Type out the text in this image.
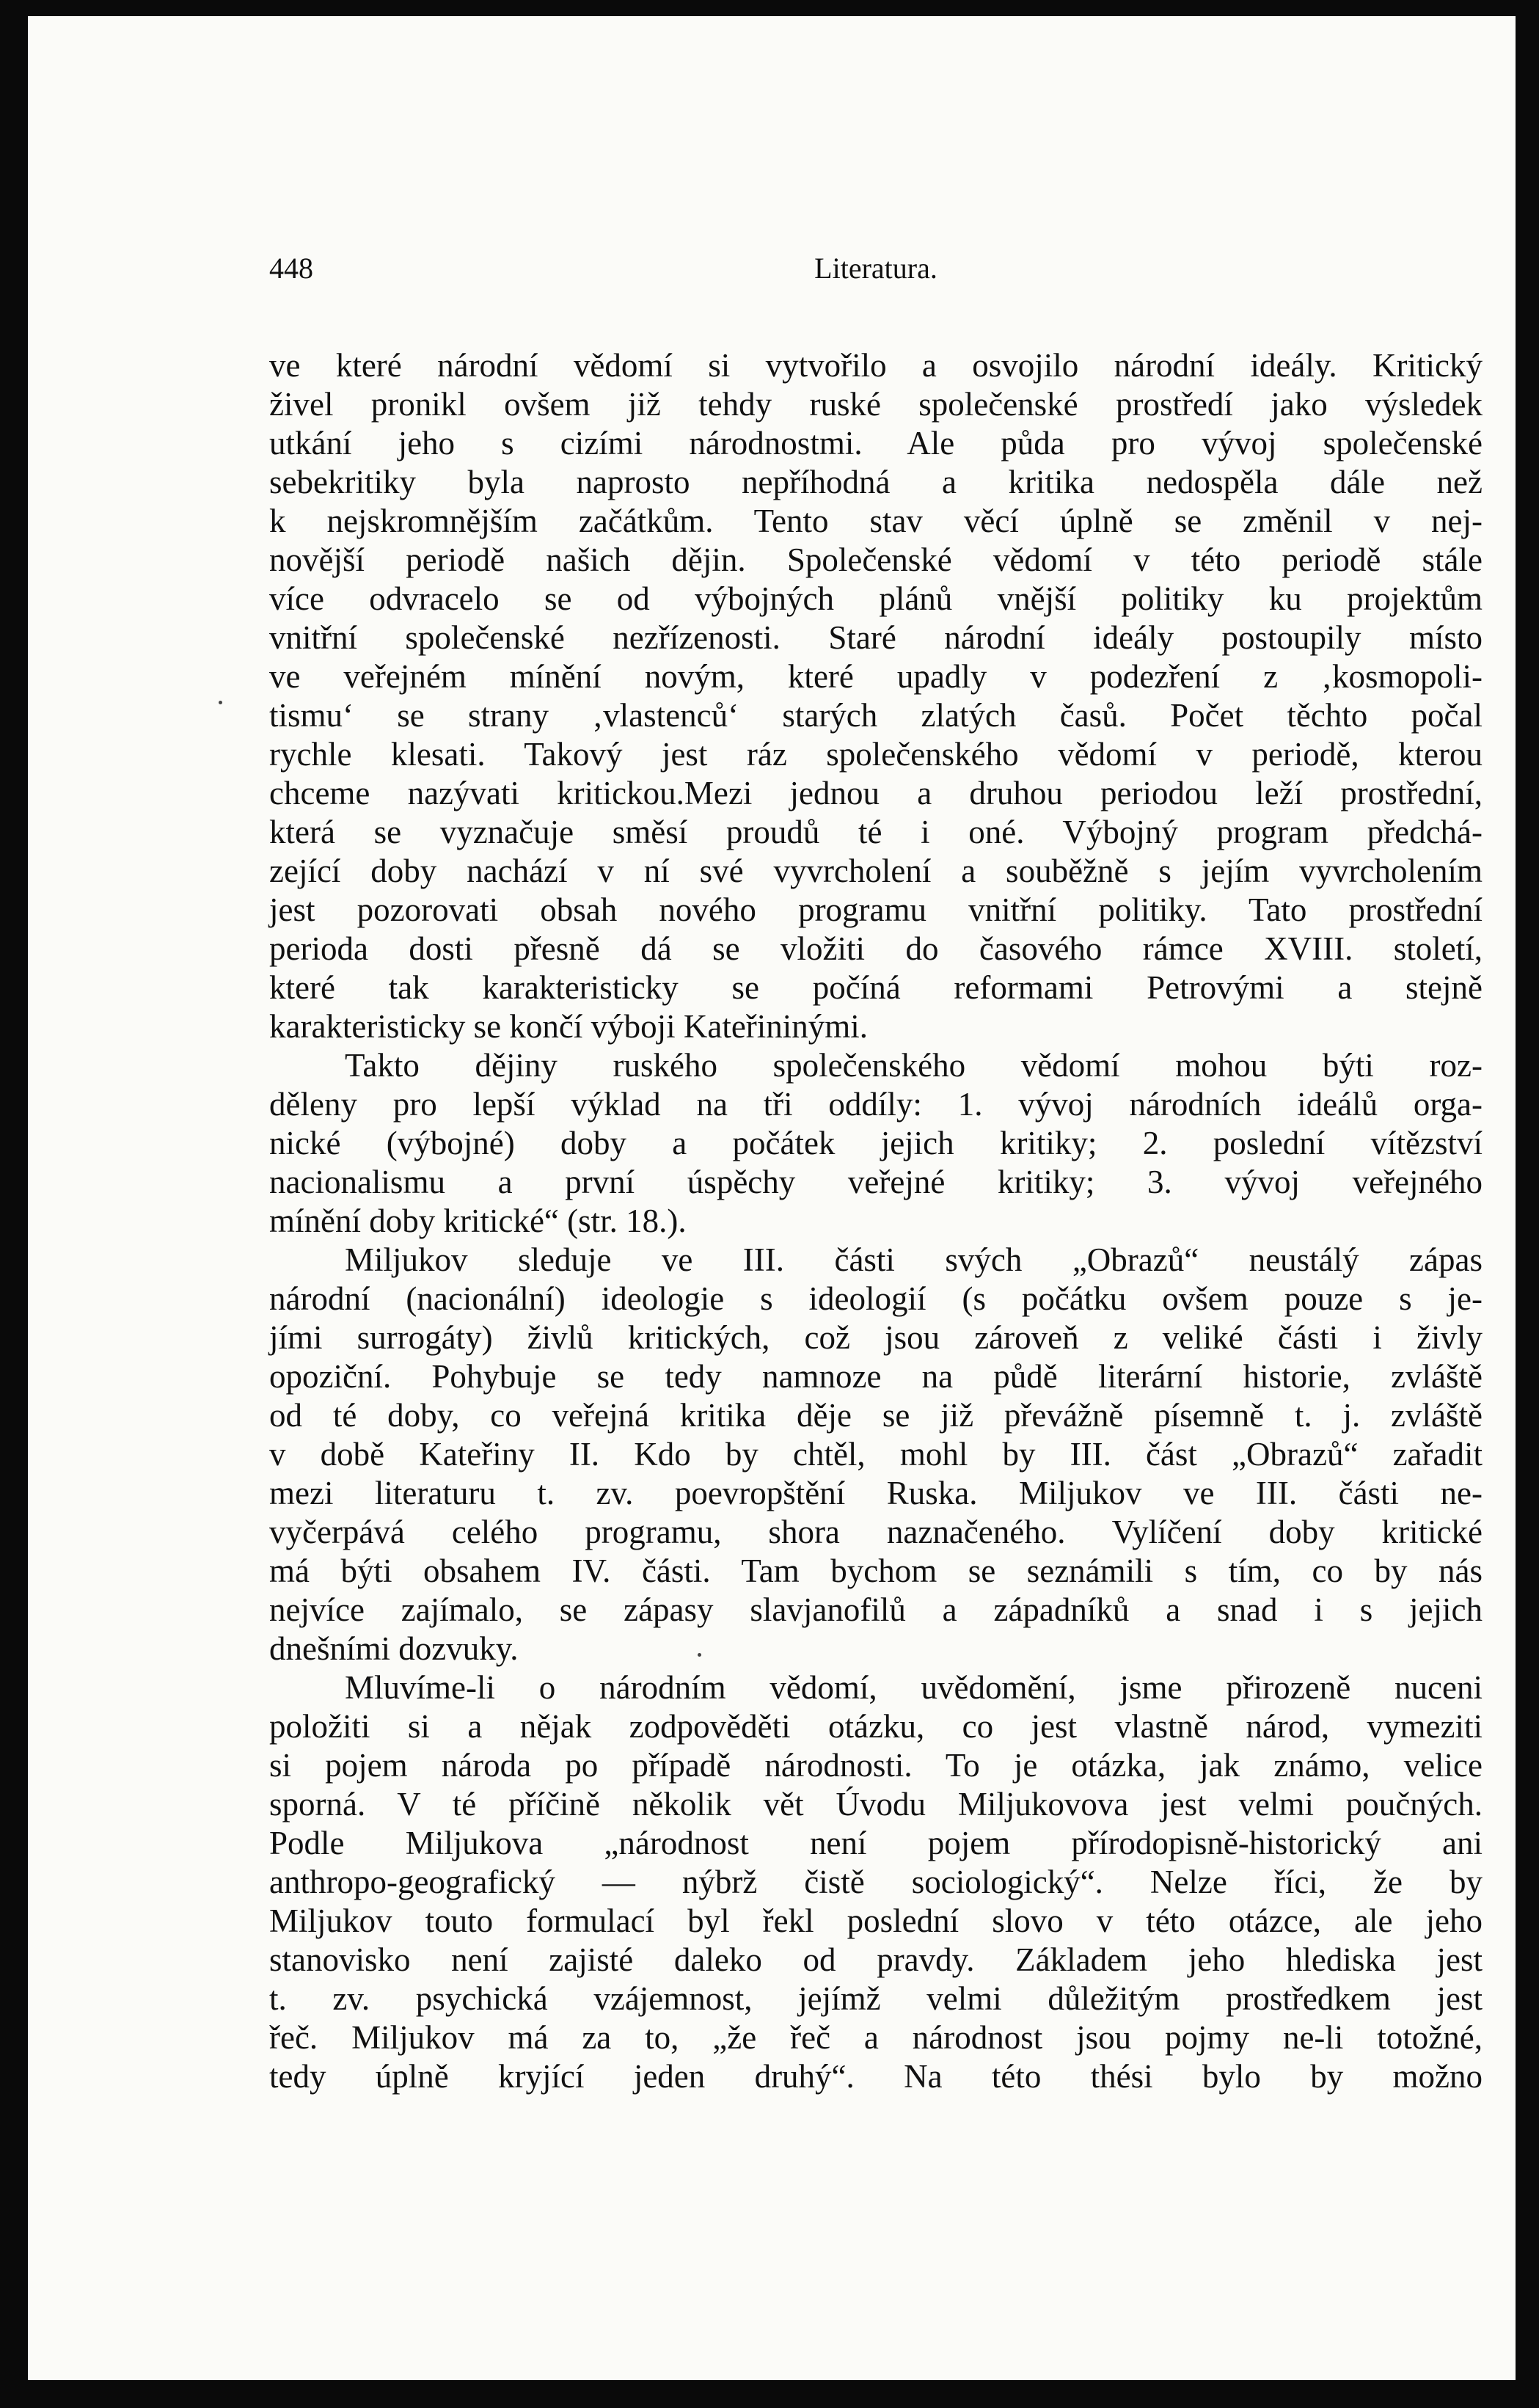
448	Literatura.
ve které národní vědomí si vytvořilo a osvojilo národní ideály. Kritický
živel pronikl ovšem již tehdy ruské společenské prostředí jako výsledek
utkání jeho s cizími národnostmi. Ale půda pro vývoj společenské
sebekritiky byla naprosto nepříhodná a kritika nedospěla dále než
k nejskromnějším začátkům. Tento stav věcí úplně se změnil v nej-
novější periodě našich dějin. Společenské vědomí v této periodě stále
více odvracelo se od výbojných plánů vnější politiky ku projektům
vnitřní společenské nezřízenosti. Staré národní ideály postoupily místo
ve veřejném mínění novým, které upadly v podezření z ‚kosmopoli-
tismu‘ se strany ‚vlastenců‘ starých zlatých časů. Počet těchto počal
rychle klesati. Takový jest ráz společenského vědomí v periodě, kterou
chceme nazývati kritickou.Mezi jednou a druhou periodou leží prostřední,
která se vyznačuje směsí proudů té i oné. Výbojný program předchá-
zející doby nachází v ní své vyvrcholení a souběžně s jejím vyvrcholením
jest pozorovati obsah nového programu vnitřní politiky. Tato prostřední
perioda dosti přesně dá se vložiti do časového rámce XVIII. století,
které tak karakteristicky se počíná reformami Petrovými a stejně
karakteristicky se končí výboji Kateřininými.
Takto dějiny ruského společenského vědomí mohou býti roz-
děleny pro lepší výklad na tři oddíly: 1. vývoj národních ideálů orga-
nické (výbojné) doby a počátek jejich kritiky; 2. poslední vítězství
nacionalismu a první úspěchy veřejné kritiky; 3. vývoj veřejného
mínění doby kritické“ (str. 18.).
Miljukov sleduje ve III. části svých „Obrazů“ neustálý zápas
národní (nacionální) ideologie s ideologií (s počátku ovšem pouze s je-
jími surrogáty) živlů kritických, což jsou zároveň z veliké části i živly
opoziční. Pohybuje se tedy namnoze na půdě literární historie, zvláště
od té doby, co veřejná kritika děje se již převážně písemně t. j. zvláště
v době Kateřiny II. Kdo by chtěl, mohl by III. část „Obrazů“ zařadit
mezi literaturu t. zv. poevropštění Ruska. Miljukov ve III. části ne-
vyčerpává celého programu, shora naznačeného. Vylíčení doby kritické
má býti obsahem IV. části. Tam bychom se seznámili s tím, co by nás
nejvíce zajímalo, se zápasy slavjanofilů a západníků a snad i s jejich
dnešními dozvuky.
Mluvíme-li o národním vědomí, uvědomění, jsme přirozeně nuceni
položiti si a nějak zodpověděti otázku, co jest vlastně národ, vymeziti
si pojem národa po případě národnosti. To je otázka, jak známo, velice
sporná. V té příčině několik vět Úvodu Miljukovova jest velmi poučných.
Podle Miljukova „národnost není pojem přírodopisně-historický ani
anthropo-geografický — nýbrž čistě sociologický“. Nelze říci, že by
Miljukov touto formulací byl řekl poslední slovo v této otázce, ale jeho
stanovisko není zajisté daleko od pravdy. Základem jeho hlediska jest
t. zv. psychická vzájemnost, jejímž velmi důležitým prostředkem jest
řeč. Miljukov má za to, „že řeč a národnost jsou pojmy ne-li totožné,
tedy úplně kryjící jeden druhý“. Na této thési bylo by možno
